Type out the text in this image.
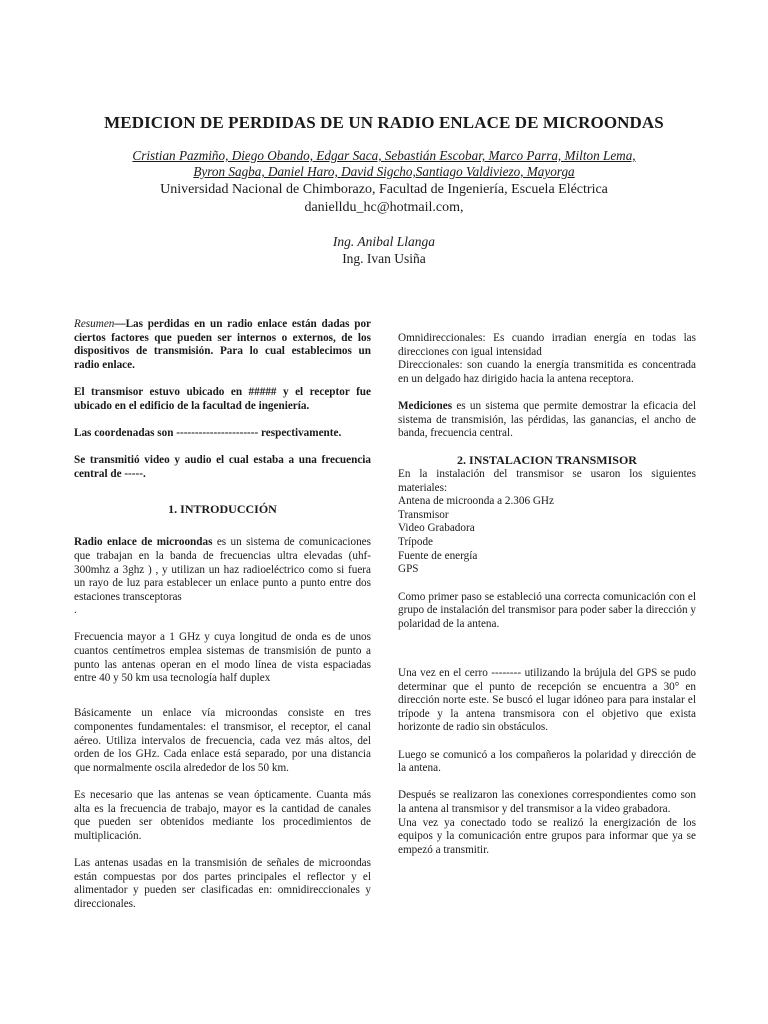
MEDICION DE PERDIDAS DE UN RADIO ENLACE DE MICROONDAS
Cristian Pazmiño, Diego Obando, Edgar Saca, Sebastián Escobar, Marco Parra, Milton Lema,
Byron Sagba, Daniel Haro, David Sigcho,Santiago Valdiviezo, Mayorga
Universidad Nacional de Chimborazo, Facultad de Ingeniería, Escuela Eléctrica
danielldu_hc@hotmail.com,
Ing. Anibal Llanga
Ing. Ivan Usiña

Resumen—Las perdidas en un radio enlace están dadas por ciertos factores que pueden ser internos o externos, de los dispositivos de transmisión. Para lo cual establecimos un radio enlace.

El transmisor estuvo ubicado en ##### y el receptor fue ubicado en el edificio de la facultad de ingeniería.

Las coordenadas son ---------------------- respectivamente.

Se transmitió video y audio el cual estaba a una frecuencia central de -----.

1. INTRODUCCIÓN

Radio enlace de microondas es un sistema de comunicaciones que trabajan en la banda de frecuencias ultra elevadas (uhf- 300mhz a 3ghz ) , y utilizan un haz radioeléctrico como si fuera un rayo de luz para establecer un enlace punto a punto entre dos estaciones transceptoras

.

Frecuencia mayor a 1 GHz y cuya longitud de onda es de unos cuantos centímetros emplea sistemas de transmisión de punto a punto las antenas operan en el modo línea de vista espaciadas entre 40 y 50 km usa tecnología half duplex

Básicamente un enlace vía microondas consiste en tres componentes fundamentales: el transmisor, el receptor, el canal aéreo. Utiliza intervalos de frecuencia, cada vez más altos, del orden de los GHz. Cada enlace está separado, por una distancia que normalmente oscila alrededor de los 50 km.

Es necesario que las antenas se vean ópticamente. Cuanta más alta es la frecuencia de trabajo, mayor es la cantidad de canales que pueden ser obtenidos mediante los procedimientos de multiplicación.

Las antenas usadas en la transmisión de señales de microondas están compuestas por dos partes principales el reflector y el alimentador y pueden ser clasificadas en: omnidireccionales y direccionales.

Omnidireccionales: Es cuando irradian energía en todas las direcciones con igual intensidad

Direccionales: son cuando la energía transmitida es concentrada en un delgado haz dirigido hacia la antena receptora.

Mediciones es un sistema que permite demostrar la eficacia del sistema de transmisión, las pérdidas, las ganancias, el ancho de banda, frecuencia central.

2. INSTALACION TRANSMISOR

En la instalación del transmisor se usaron los siguientes materiales:

Antena de microonda a 2.306 GHz

Transmisor

Video Grabadora

Trípode

Fuente de energía

GPS

Como primer paso se estableció una correcta comunicación con el grupo de instalación del transmisor para poder saber la dirección y polaridad de la antena.

Una vez en el cerro -------- utilizando la brújula del GPS se pudo determinar que el punto de recepción se encuentra a 30° en dirección norte este. Se buscó el lugar idóneo para para instalar el trípode y la antena transmisora con el objetivo que exista horizonte de radio sin obstáculos.

Luego se comunicó a los compañeros la polaridad y dirección de la antena.

Después se realizaron las conexiones correspondientes como son la antena al transmisor y del transmisor a la video grabadora.

Una vez ya conectado todo se realizó la energización de los equipos y la comunicación entre grupos para informar que ya se empezó a transmitir.
